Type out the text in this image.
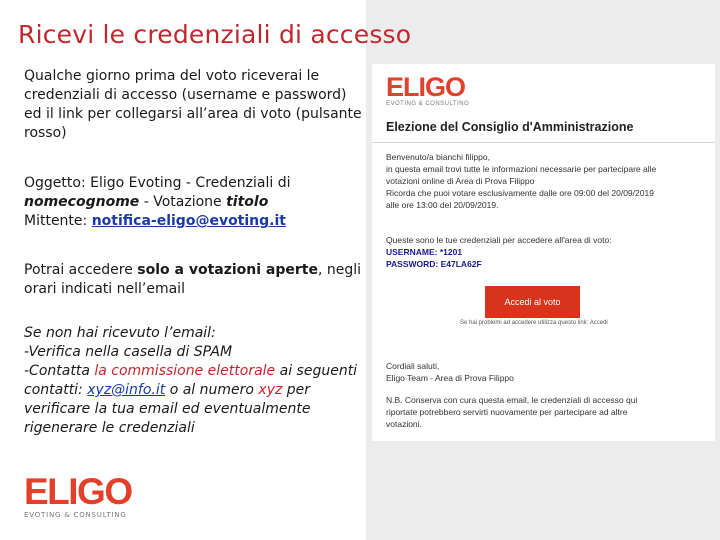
Ricevi le credenziali di accesso
Qualche giorno prima del voto riceverai le credenziali di accesso (username e password) ed il link per collegarsi all’area di voto (pulsante rosso)
Oggetto: Eligo Evoting - Credenziali di nomecognome - Votazione titolo
Mittente: notifica-eligo@evoting.it
Potrai accedere solo a votazioni aperte, negli orari indicati nell’email
Se non hai ricevuto l’email:
-Verifica nella casella di SPAM
-Contatta la commissione elettorale ai seguenti contatti: xyz@info.it o al numero xyz per verificare la tua email ed eventualmente rigenerare le credenziali
ELIGO
EVOTING & CONSULTING
ELIGO
EVOTING & CONSULTING
Elezione del Consiglio d'Amministrazione
Benvenuto/a bianchi filippo,
in questa email trovi tutte le informazioni necessarie per partecipare alle
votazioni online di Area di Prova Filippo
Ricorda che puoi votare esclusivamente dalle ore 09:00 del 20/09/2019
alle ore 13:00 del 20/09/2019.
Queste sono le tue credenziali per accedere all'area di voto:
USERNAME: *1201
PASSWORD: E47LA62F
Accedi al voto
Se hai problemi ad accedere utilizza questo link: Accedi
Cordiali saluti,
Eligo Team - Area di Prova Filippo
N.B. Conserva con cura questa email, le credenziali di accesso qui
riportate potrebbero servirti nuovamente per partecipare ad altre
votazioni.
